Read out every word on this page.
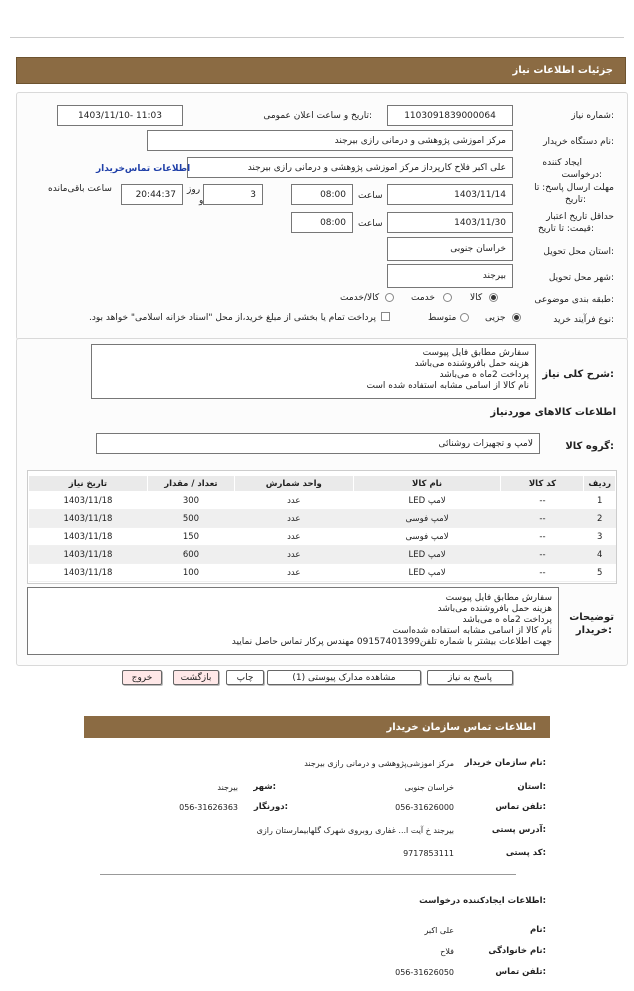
جزئیات اطلاعات نیاز
شماره نیاز:
1103091839000064
تاریخ و ساعت اعلان عمومی:
1403/11/10- 11:03
نام دستگاه خریدار:
مرکز اموزشی پژوهشی و درمانی رازی بیرجند
ایجاد کننده
درخواست:
علی اکبر فلاح کارپرداز مرکز اموزشی پژوهشی و درمانی رازی بیرجند
اطلاعات تماس‌خریدار
مهلت ارسال پاسخ: تا
تاریخ:
1403/11/14
ساعت
08:00
3
روز
و
20:44:37
ساعت باقی‌مانده
حداقل تاریخ اعتبار
قیمت: تا تاریخ:
1403/11/30
ساعت
08:00
استان محل تحویل:
خراسان جنوبی
شهر محل تحویل:
بیرجند
طبقه بندی موضوعی:
کالا
خدمت
کالا/خدمت
نوع فرآیند خرید:
جزیی
متوسط
پرداخت تمام یا بخشی از مبلغ خرید،از محل "اسناد خزانه اسلامی" خواهد بود.
سفارش مطابق فایل پیوست
هزینه حمل بافروشنده می‌باشد
پرداخت 2ماه ه می‌باشد
نام کالا از اسامی مشابه استفاده شده است
شرح کلی نیاز:
اطلاعات کالاهای موردنیاز
گروه کالا:
لامپ و تجهیزات روشنائی
ردیف	کد کالا	نام کالا	واحد شمارش	تعداد / مقدار	تاریخ نیاز
1	--	لامپ LED	عدد	300	1403/11/18
2	--	لامپ فوسی	عدد	500	1403/11/18
3	--	لامپ فوسی	عدد	150	1403/11/18
4	--	لامپ LED	عدد	600	1403/11/18
5	--	لامپ LED	عدد	100	1403/11/18
سفارش مطابق فایل پیوست
هزینه حمل بافروشنده می‌باشد
پرداخت 2ماه ه می‌باشد
نام کالا از اسامی مشابه استفاده شده‌است
جهت اطلاعات بیشتر با شماره تلفن09157401399 مهندس پرکار تماس حاصل نمایید
توضیحات
خریدار:
پاسخ به نیاز
مشاهده مدارک پیوستی (1)
چاپ
بازگشت
خروج
اطلاعات تماس سازمان خریدار
نام سازمان خریدار:
مرکز اموزشی‌پژوهشی و درمانی رازی بیرجند
استان:
خراسان جنوبی
شهر:
بیرجند
تلفن تماس:
056-31626000
دورنگار:
056-31626363
آدرس پستی:
بیرجند خ آیت ا... غفاری روبروی شهرک گلهابیمارستان رازی
کد پستی:
9717853111
اطلاعات ایجادکننده درخواست:
نام:
علی اکبر
نام خانوادگی:
فلاح
تلفن تماس:
056-31626050
